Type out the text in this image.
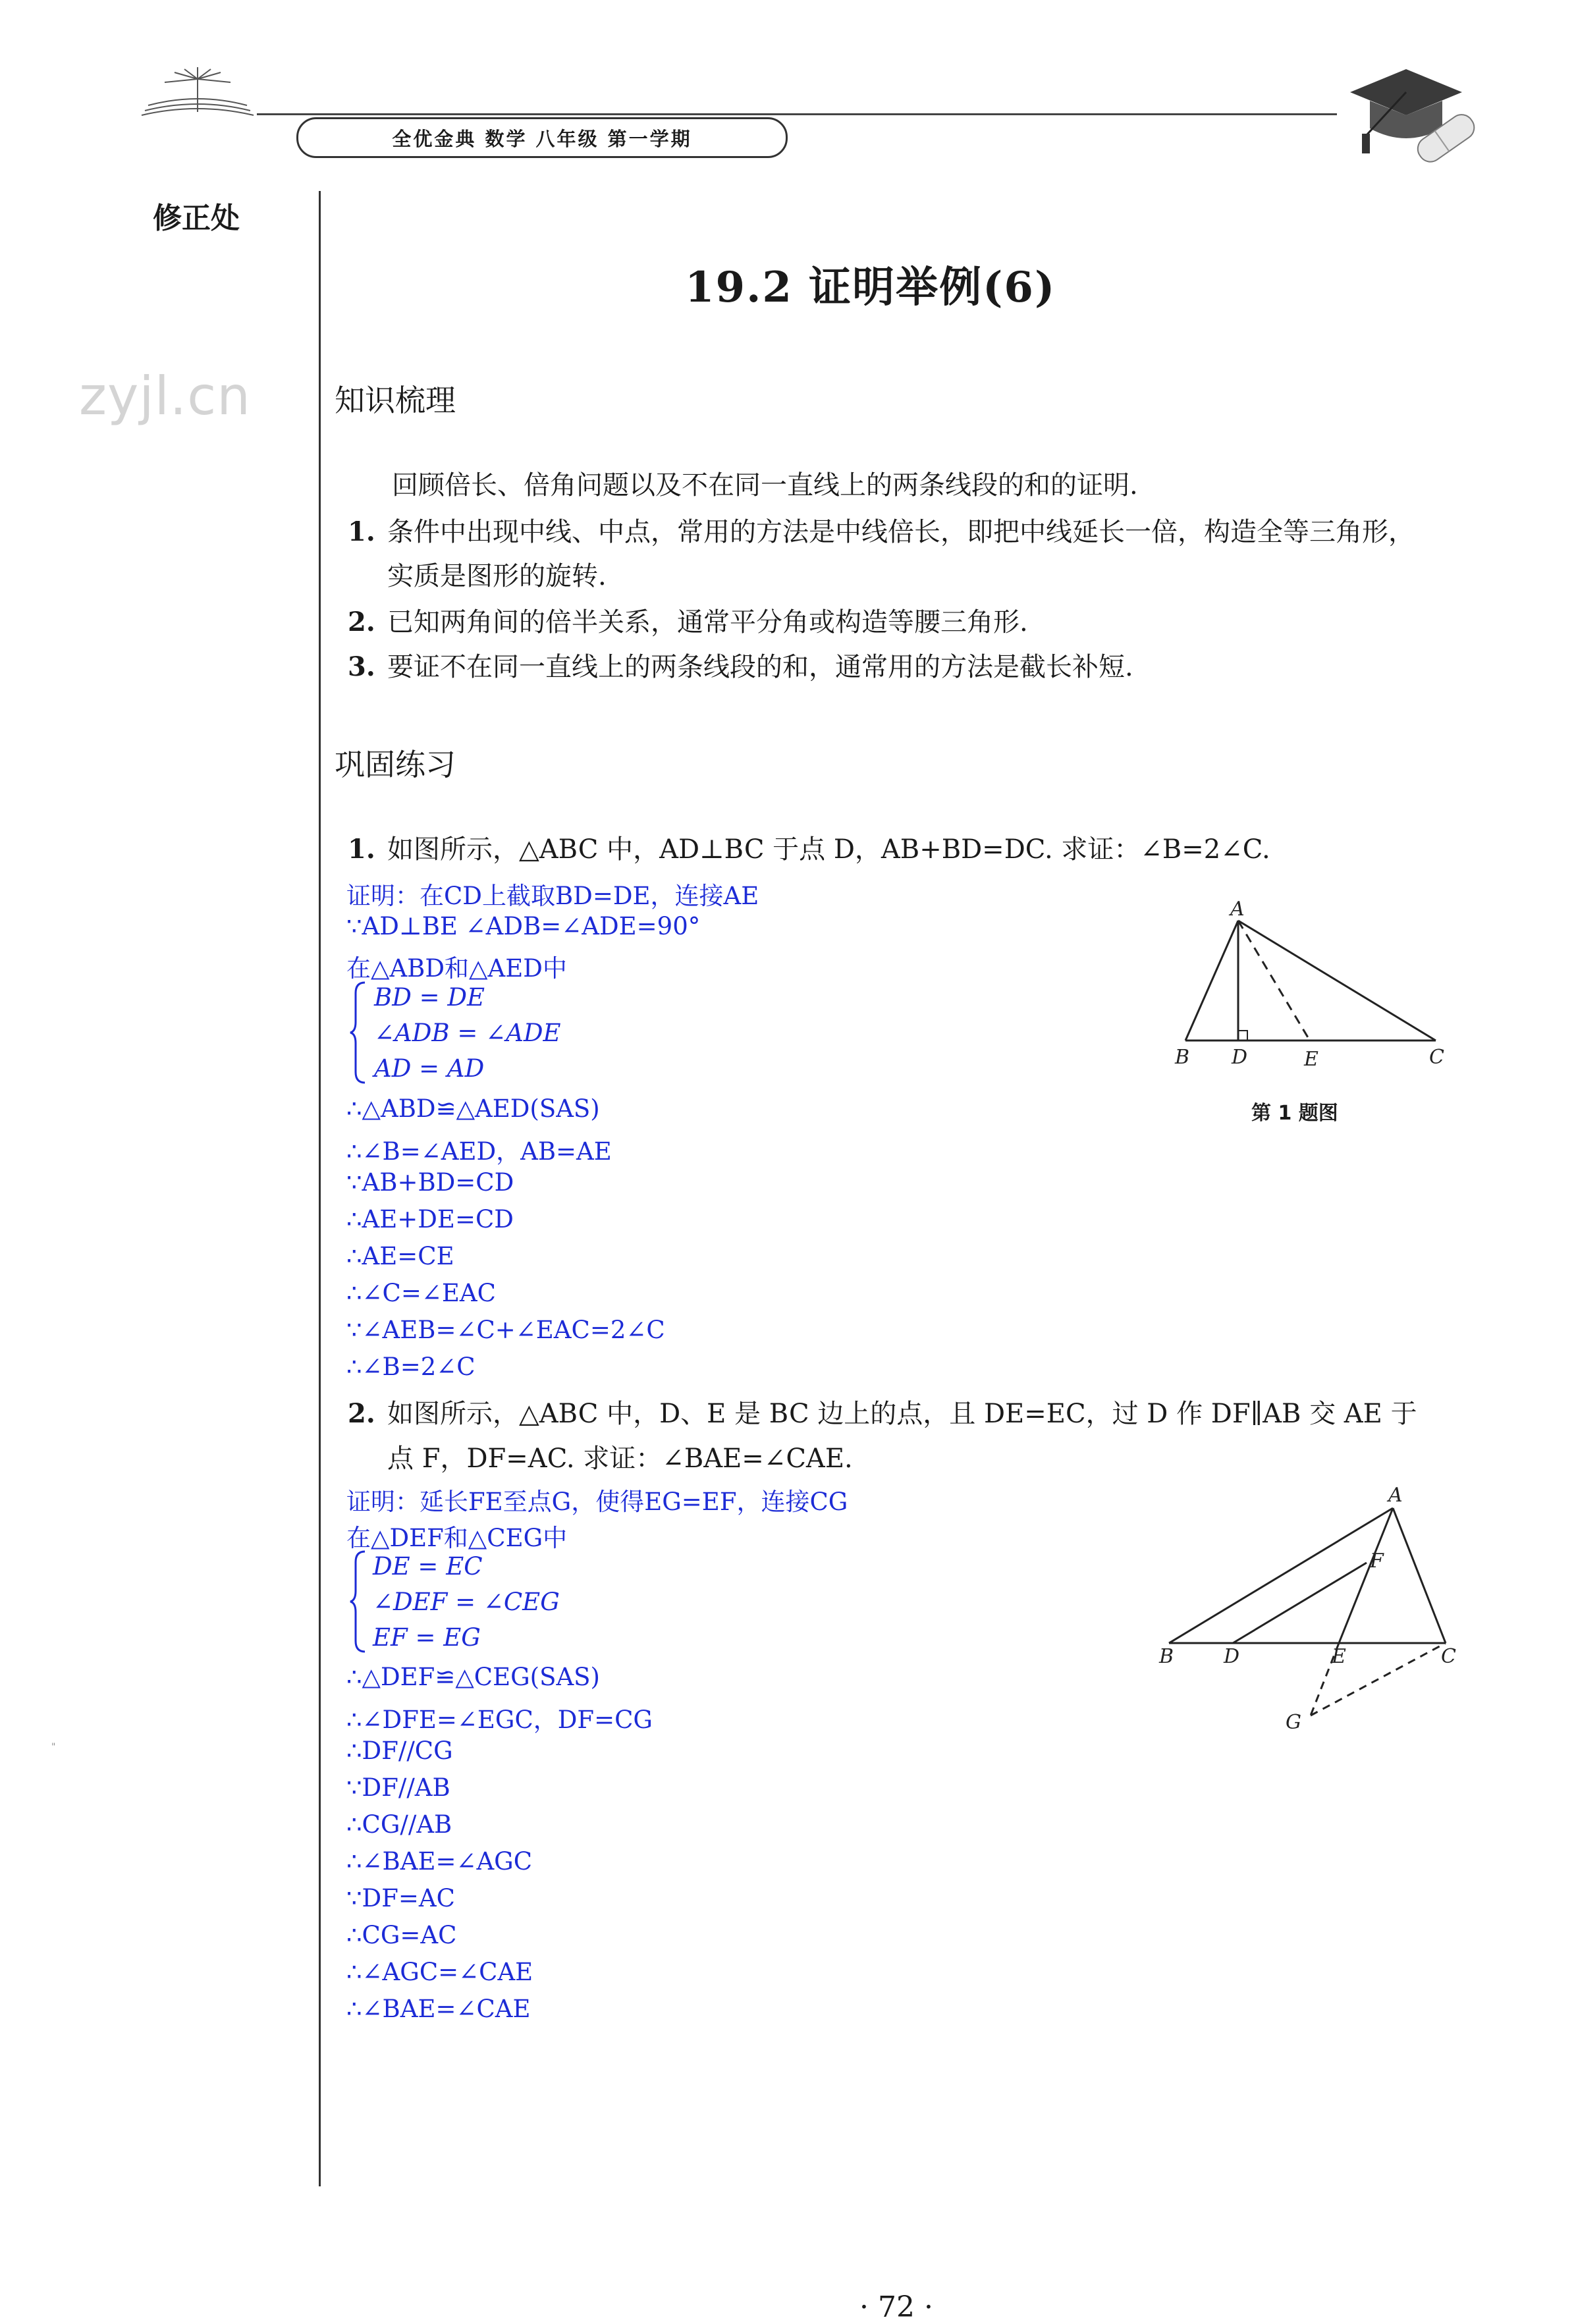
全优金典 数学 八年级 第一学期
修正处
zyjl.cn
"
19.2 证明举例(6)
知识梳理
回顾倍长、倍角问题以及不在同一直线上的两条线段的和的证明.
1. 条件中出现中线、中点，常用的方法是中线倍长，即把中线延长一倍，构造全等三角形，
实质是图形的旋转.
2. 已知两角间的倍半关系，通常平分角或构造等腰三角形.
3. 要证不在同一直线上的两条线段的和，通常用的方法是截长补短.
巩固练习
1. 如图所示，△ABC 中，AD⊥BC 于点 D，AB+BD=DC. 求证：∠B=2∠C.
证明：在CD上截取BD=DE，连接AE
∵AD⊥BE ∠ADB=∠ADE=90°
在△ABD和△AED中
BD = DE
∠ADB = ∠ADE
AD = AD
∴△ABD≌△AED(SAS)
∴∠B=∠AED，AB=AE
∵AB+BD=CD
∴AE+DE=CD
∴AE=CE
∴∠C=∠EAC
∵∠AEB=∠C+∠EAC=2∠C
∴∠B=2∠C
A
B D	E	C
第 1 题图
2. 如图所示，△ABC 中，D、E 是 BC 边上的点，且 DE=EC，过 D 作 DF∥AB 交 AE 于
点 F，DF=AC. 求证：∠BAE=∠CAE.
证明：延长FE至点G，使得EG=EF，连接CG
在△DEF和△CEG中
DE = EC
∠DEF = ∠CEG
EF = EG
∴△DEF≌△CEG(SAS)
∴∠DFE=∠EGC，DF=CG
∴DF//CG
∵DF//AB
∴CG//AB
∴∠BAE=∠AGC
∵DF=AC
∴CG=AC
∴∠AGC=∠CAE
∴∠BAE=∠CAE
A
B	D	E	C
F
G
· 72 ·
